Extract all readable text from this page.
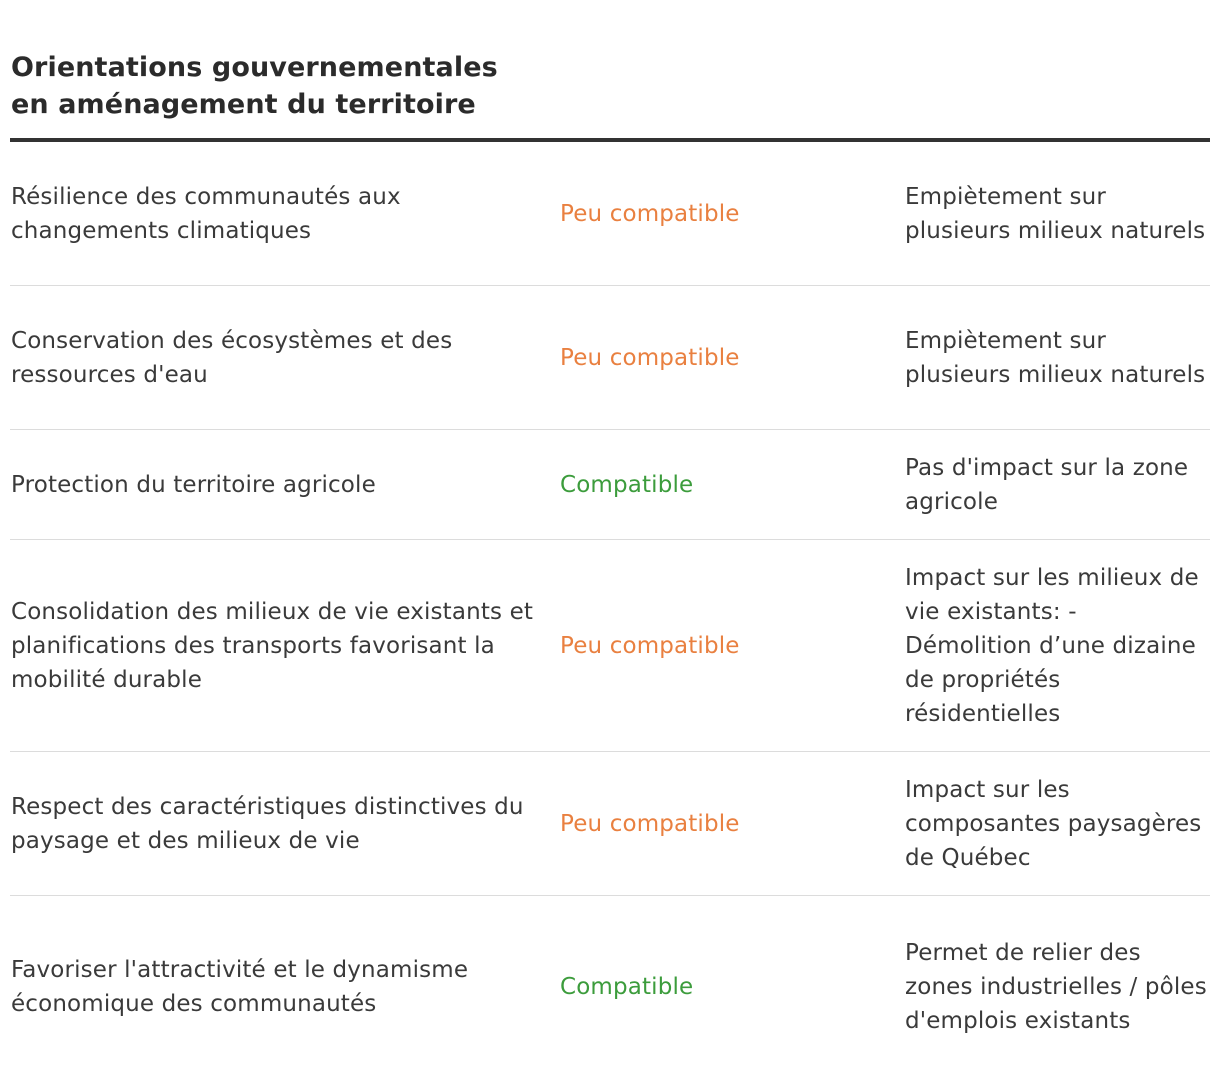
Orientations gouvernementales
en aménagement du territoire
Résilience des communautés aux changements climatiques
Peu compatible
Empiètement sur plusieurs milieux naturels
Conservation des écosystèmes et des ressources d'eau
Peu compatible
Empiètement sur plusieurs milieux naturels
Protection du territoire agricole	Compatible
Pas d'impact sur la zone agricole
Consolidation des milieux de vie existants et planifications des transports favorisant la mobilité durable
Peu compatible
Impact sur les milieux de vie existants: - Démolition d’une dizaine de propriétés résidentielles
Respect des caractéristiques distinctives du paysage et des milieux de vie
Peu compatible
Impact sur les composantes paysagères de Québec
Favoriser l'attractivité et le dynamisme économique des communautés
Compatible
Permet de relier des zones industrielles / pôles d'emplois existants
